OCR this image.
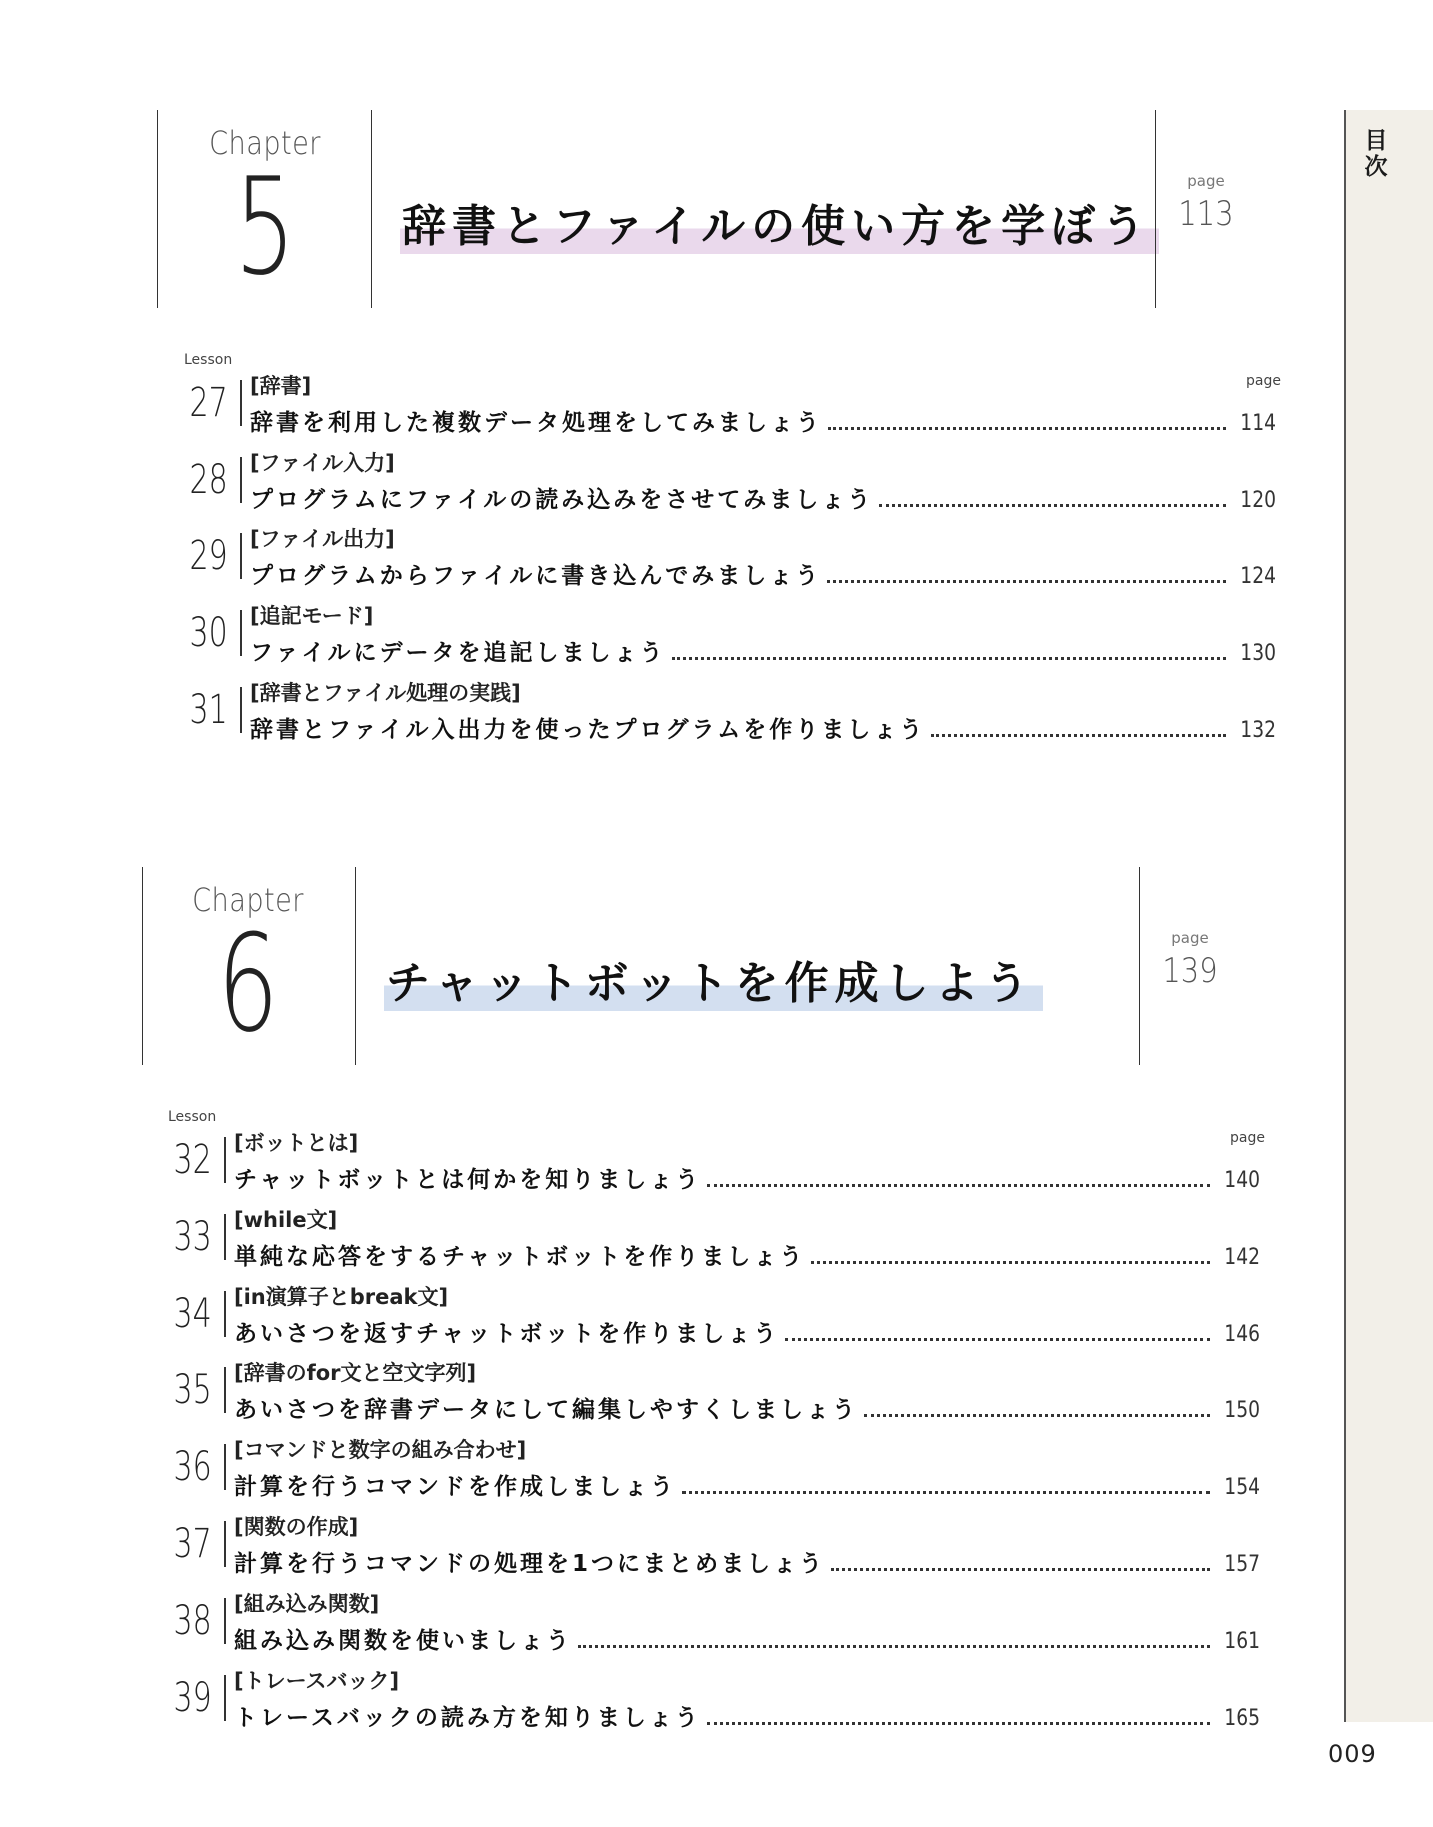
目次
Chapter
5	辞書とファイルの使い方を学ぼう
page
113
Lesson
page
27 [辞書]
辞書を利用した複数データ処理をしてみましょう	114
28 [ファイル入力]
プログラムにファイルの読み込みをさせてみましょう	120
29 [ファイル出力]
プログラムからファイルに書き込んでみましょう	124
30 [追記モード]
ファイルにデータを追記しましょう	130
31 [辞書とファイル処理の実践]
辞書とファイル入出力を使ったプログラムを作りましょう	132
Chapter
6	チャットボットを作成しよう
page
139
Lesson
page
32 [ボットとは]
チャットボットとは何かを知りましょう	140
33 [while文]
単純な応答をするチャットボットを作りましょう	142
34 [in演算子とbreak文]
あいさつを返すチャットボットを作りましょう	146
35 [辞書のfor文と空文字列]
あいさつを辞書データにして編集しやすくしましょう	150
36 [コマンドと数字の組み合わせ]
計算を行うコマンドを作成しましょう	154
37 [関数の作成]
計算を行うコマンドの処理を1つにまとめましょう	157
38 [組み込み関数]
組み込み関数を使いましょう	161
39 [トレースバック]
トレースバックの読み方を知りましょう	165
009
